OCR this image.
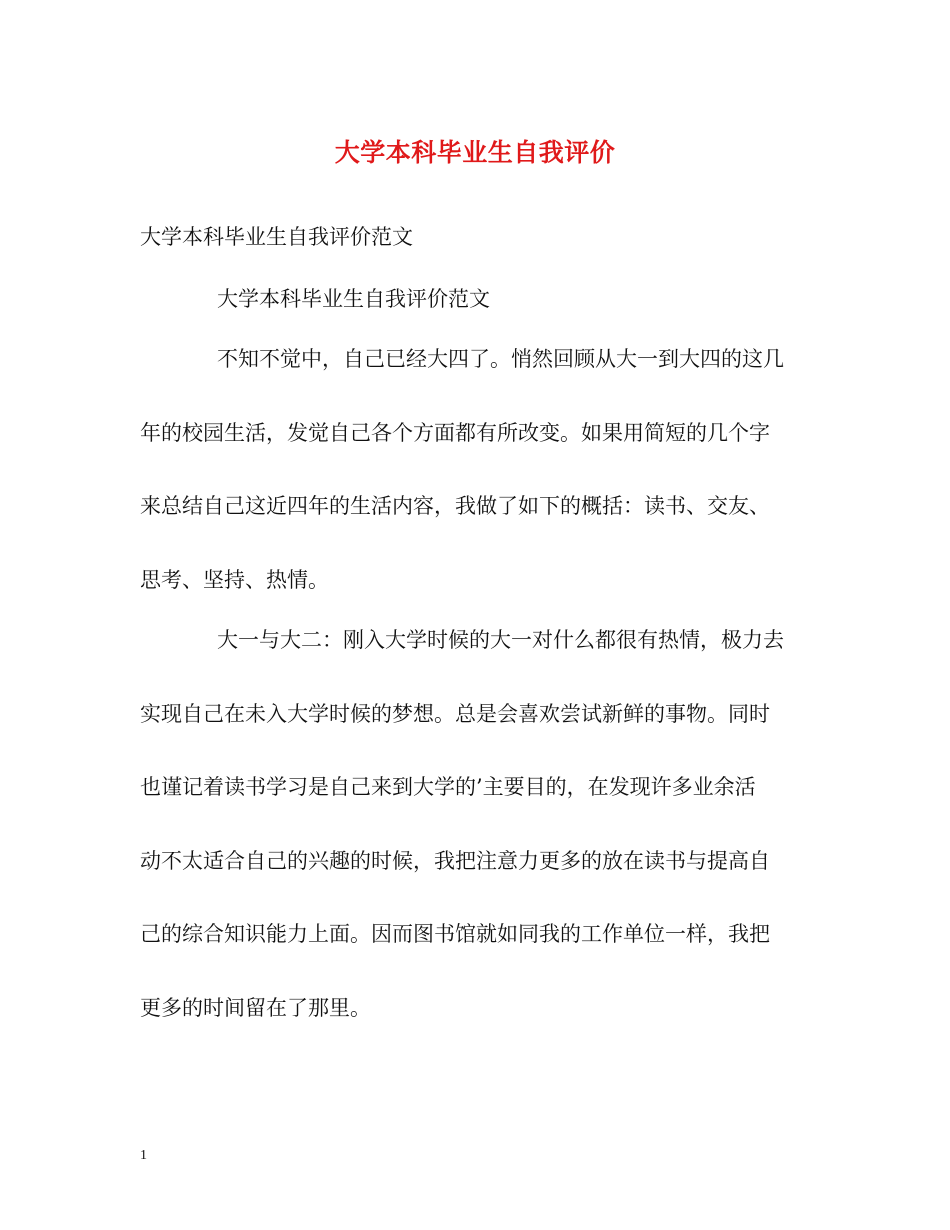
大学本科毕业生自我评价

大学本科毕业生自我评价范文

大学本科毕业生自我评价范文

不知不觉中，自己已经大四了。悄然回顾从大一到大四的这几
年的校园生活，发觉自己各个方面都有所改变。如果用简短的几个字
来总结自己这近四年的生活内容，我做了如下的概括：读书、交友、
思考、坚持、热情。
大一与大二：刚入大学时候的大一对什么都很有热情，极力去
实现自己在未入大学时候的梦想。总是会喜欢尝试新鲜的事物。同时
也谨记着读书学习是自己来到大学的’主要目的，在发现许多业余活
动不太适合自己的兴趣的时候，我把注意力更多的放在读书与提高自
己的综合知识能力上面。因而图书馆就如同我的工作单位一样，我把
更多的时间留在了那里。

1
